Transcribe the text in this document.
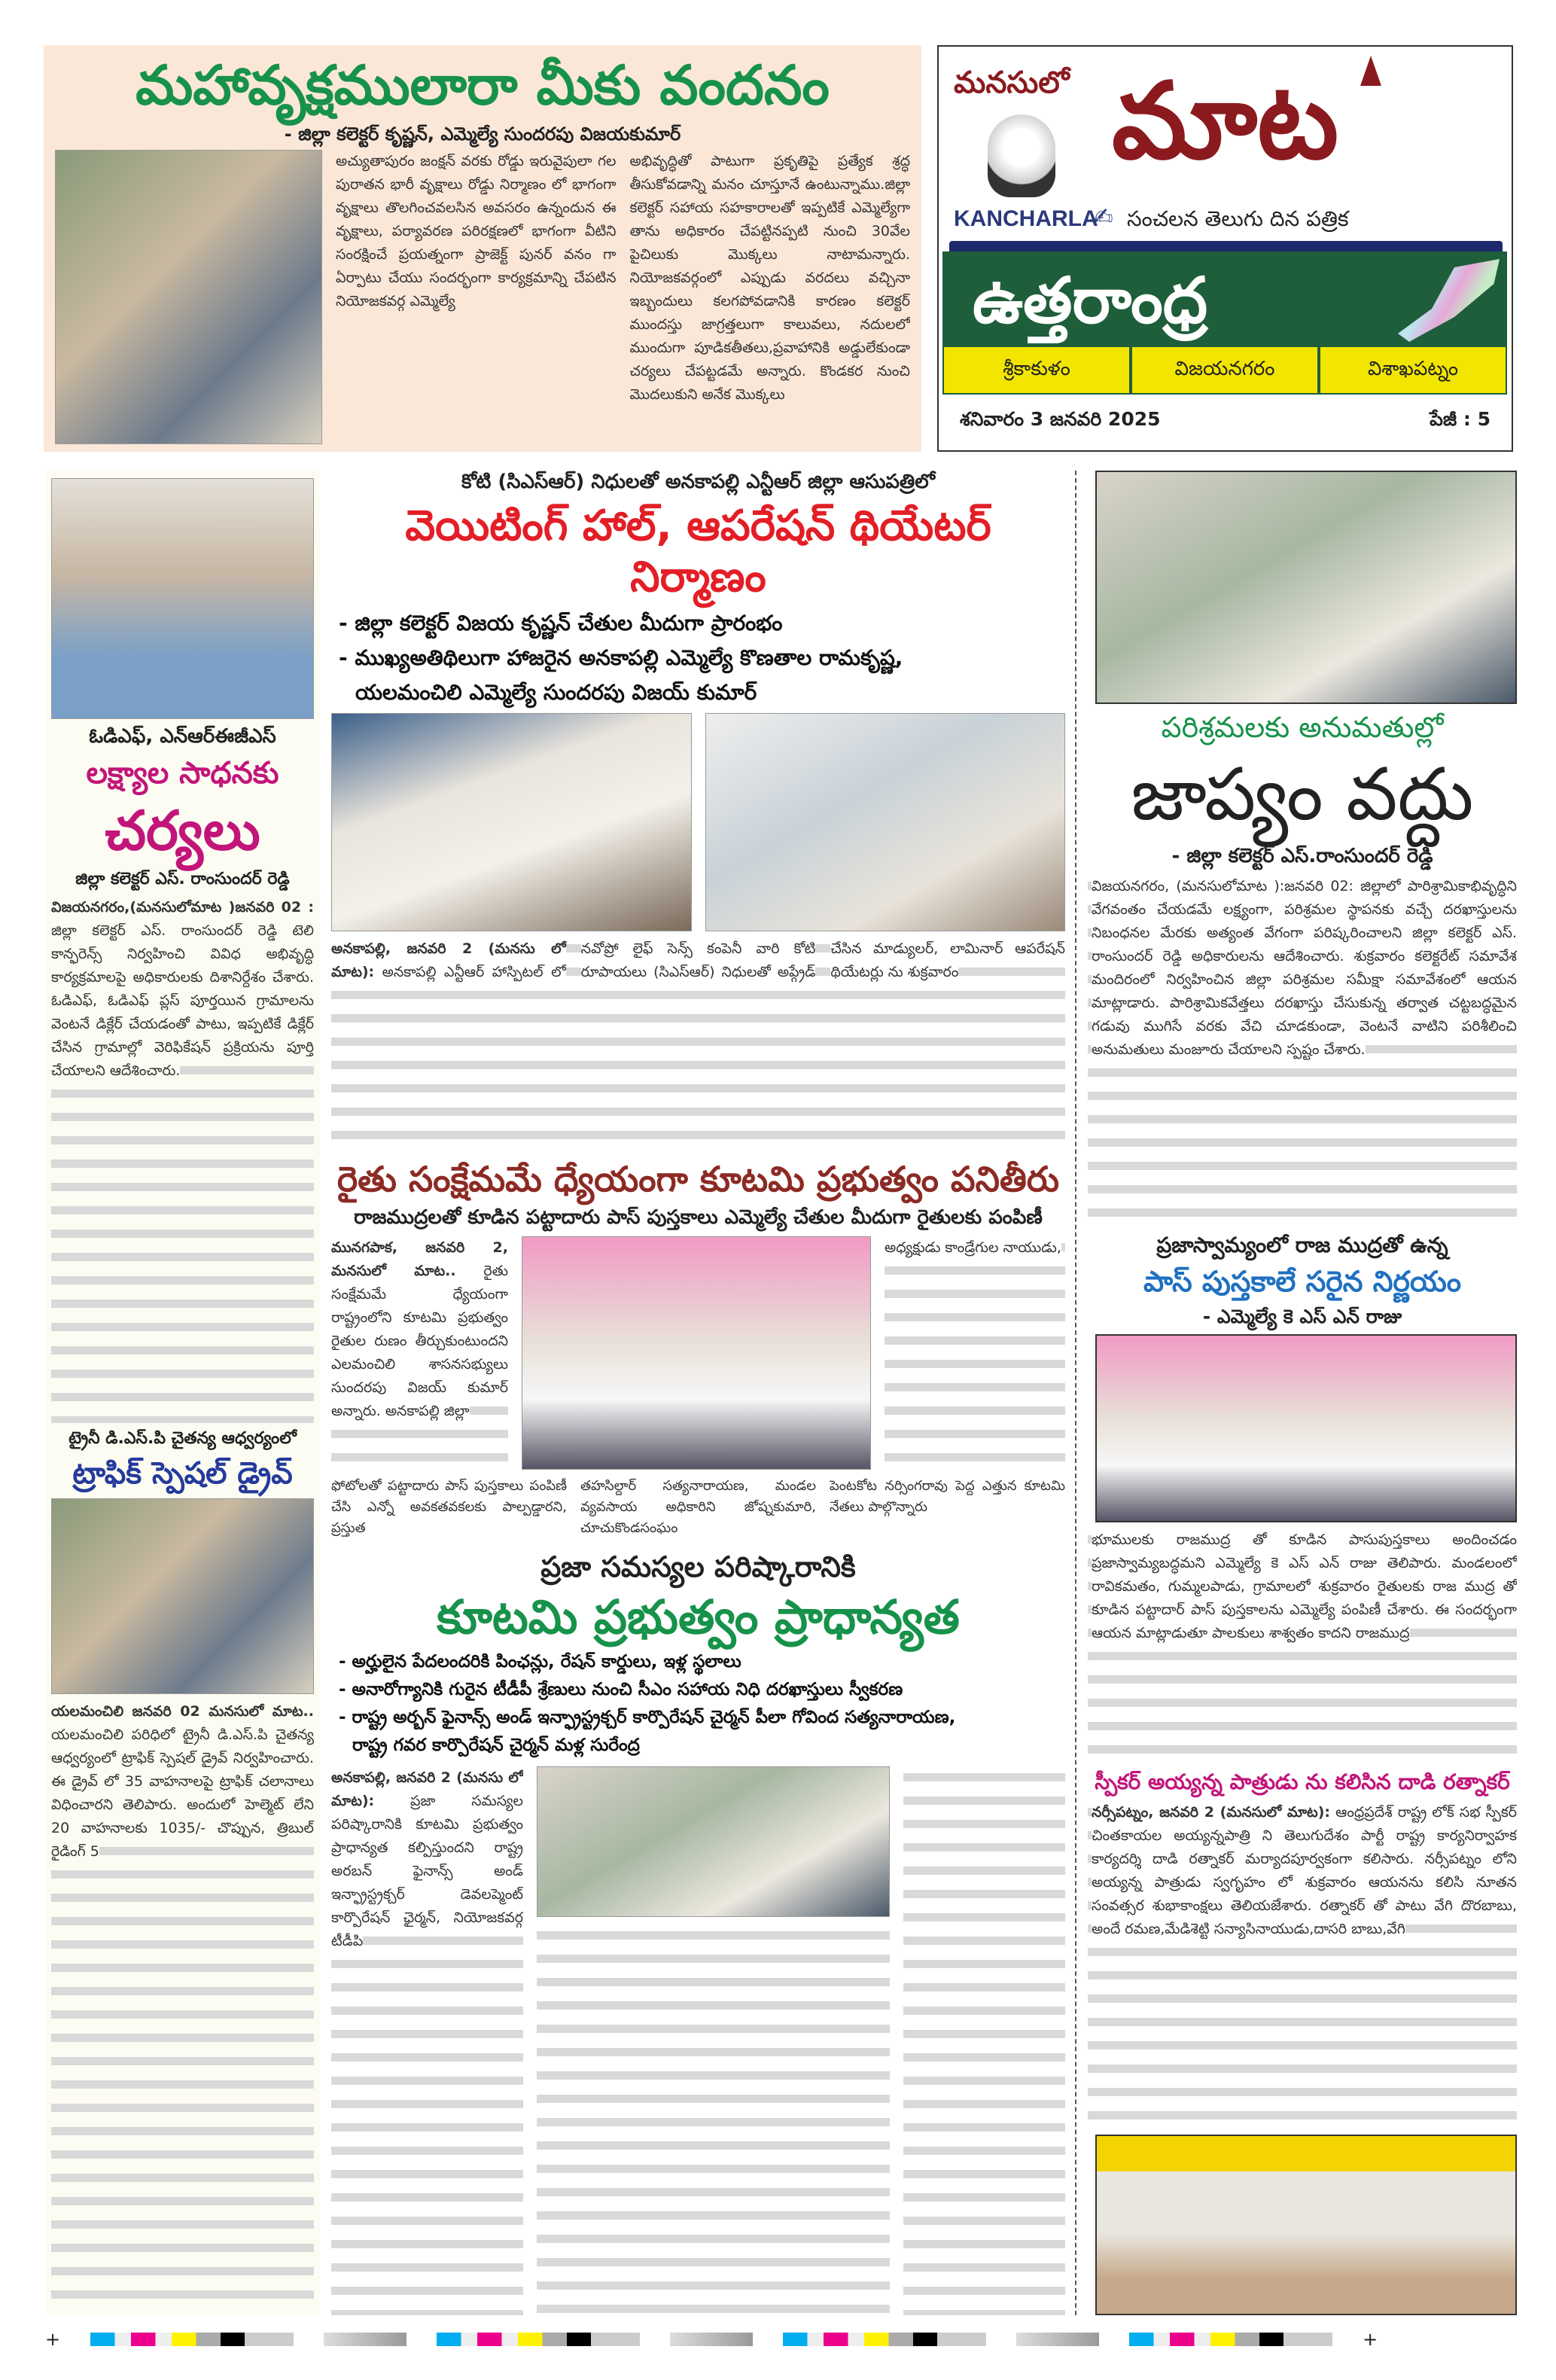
మహావృక్షములారా మీకు వందనం
- జిల్లా కలెక్టర్ కృష్ణన్, ఎమ్మెల్యే సుందరపు విజయకుమార్
అచ్యుతాపురం జంక్షన్ వరకు రోడ్డు ఇరువైపులా గల పురాతన భారీ వృక్షాలు రోడ్డు నిర్మాణం లో భాగంగా వృక్షాలు తొలగించవలసిన అవసరం ఉన్నందున ఈ వృక్షాలు, పర్యావరణ పరిరక్షణలో భాగంగా వీటిని సంరక్షించే ప్రయత్నంగా ప్రాజెక్ట్ పునర్ వనం గా ఏర్పాటు చేయు సందర్భంగా కార్యక్రమాన్ని చేపటిన నియోజకవర్గ ఎమ్మెల్యే
అభివృద్ధితో పాటుగా ప్రకృతిపై ప్రత్యేక శ్రద్ధ తీసుకోవడాన్ని మనం చూస్తూనే ఉంటున్నాము.జిల్లా కలెక్టర్ సహాయ సహకారాలతో ఇప్పటికే ఎమ్మెల్యేగా తాను అధికారం చేపట్టినప్పటి నుంచి 30వేల పైచిలుకు మొక్కలు నాటామన్నారు. నియోజకవర్గంలో ఎప్పుడు వరదలు వచ్చినా ఇబ్బందులు కలగపోవడానికి కారణం కలెక్టర్ ముందస్తు జాగ్రత్తలుగా కాలువలు, నదులలో ముందుగా పూడికతీతలు,ప్రవాహానికి అడ్డులేకుండా చర్యలు చేపట్టడమే అన్నారు. కొండకర నుంచి మొదలుకుని అనేక మొక్కలు
మనసులో మాట
KANCHARLA
✍ సంచలన తెలుగు దిన పత్రిక
ఉత్తరాంధ్ర
శ్రీకాకుళం	విజయనగరం	విశాఖపట్నం
శనివారం 3 జనవరి 2025	పేజీ : 5
ఓడిఎఫ్, ఎన్ఆర్ఈజీఎస్
లక్ష్యాల సాధనకు
చర్యలు
జిల్లా కలెక్టర్ ఎస్. రాంసుందర్ రెడ్డి
విజయనగరం,(మనసులోమాట )జనవరి 02 : జిల్లా కలెక్టర్ ఎస్. రాంసుందర్ రెడ్డి టెలి కాన్ఫరెన్స్ నిర్వహించి వివిధ అభివృద్ధి కార్యక్రమాలపై అధికారులకు దిశానిర్దేశం చేశారు. ఓడిఎఫ్, ఓడిఎఫ్ ప్లస్ పూర్తయిన గ్రామాలను వెంటనే డిక్లేర్ చేయడంతో పాటు, ఇప్పటికే డిక్లేర్ చేసిన గ్రామాల్లో వెరిఫికేషన్ ప్రక్రియను పూర్తి చేయాలని ఆదేశించారు.
ట్రైనీ డి.ఎస్.పి చైతన్య ఆధ్వర్యంలో
ట్రాఫిక్ స్పెషల్ డ్రైవ్
యలమంచిలి జనవరి 02 మనసులో మాట.. యలమంచిలి పరిధిలో ట్రైనీ డి.ఎస్.పి చైతన్య ఆధ్వర్యంలో ట్రాఫిక్ స్పెషల్ డ్రైవ్ నిర్వహించారు. ఈ డ్రైవ్ లో 35 వాహనాలపై ట్రాఫిక్ చలానాలు విధించారని తెలిపారు. అందులో హెల్మెట్ లేని 20 వాహనాలకు 1035/- చొప్పున, త్రిబుల్ రైడింగ్ 5
కోటి (సిఎస్ఆర్) నిధులతో అనకాపల్లి ఎన్టీఆర్ జిల్లా ఆసుపత్రిలో
వెయిటింగ్ హాల్, ఆపరేషన్ థియేటర్ నిర్మాణం
- జిల్లా కలెక్టర్ విజయ కృష్ణన్ చేతుల మీదుగా ప్రారంభం
- ముఖ్యఅతిథిలుగా హాజరైన అనకాపల్లి ఎమ్మెల్యే కొణతాల రామకృష్ణ,
యలమంచిలి ఎమ్మెల్యే సుందరపు విజయ్ కుమార్
అనకాపల్లి, జనవరి 2 (మనసు లో మాట): అనకాపల్లి ఎన్టీఆర్ హాస్పిటల్ లో నవోప్రో లైఫ్ సెన్స్ కంపెనీ వారి కోటి రూపాయలు (సిఎస్ఆర్) నిధులతో అప్గ్రేడ్ చేసిన మాడ్యులర్, లామినార్ ఆపరేషన్ థియేటర్లు ను శుక్రవారం
రైతు సంక్షేమమే ధ్యేయంగా కూటమి ప్రభుత్వం పనితీరు
రాజముద్రలతో కూడిన పట్టాదారు పాస్ పుస్తకాలు ఎమ్మెల్యే చేతుల మీదుగా రైతులకు పంపిణీ
మునగపాక, జనవరి 2, మనసులో మాట.. రైతు సంక్షేమమే ధ్యేయంగా రాష్ట్రంలోని కూటమి ప్రభుత్వం రైతుల రుణం తీర్చుకుంటుందని ఎలమంచిలి శాసనసభ్యులు సుందరపు విజయ్ కుమార్ అన్నారు. అనకాపల్లి జిల్లా
అధ్యక్షుడు కాండ్రేగుల నాయుడు,
ఫోటోలతో పట్టాదారు పాస్ పుస్తకాలు పంపిణీ చేసి ఎన్నో అవకతవకలకు పాల్పడ్డారని, ప్రస్తుత
తహసిల్దార్ సత్యనారాయణ, మండల వ్యవసాయ అధికారిని జోష్నకుమారి, చూచుకొండసంఘం
పెంటకోట నర్సింగరావు పెద్ద ఎత్తున కూటమి నేతలు పాల్గొన్నారు
ప్రజా సమస్యల పరిష్కారానికి
కూటమి ప్రభుత్వం ప్రాధాన్యత
- అర్హులైన పేదలందరికి పింఛన్లు, రేషన్ కార్డులు, ఇళ్ల స్థలాలు
- అనారోగ్యానికి గురైన టీడీపీ శ్రేణులు నుంచి సీఎం సహాయ నిధి దరఖాస్తులు స్వీకరణ
- రాష్ట్ర అర్బన్ ఫైనాన్స్ అండ్ ఇన్ఫ్రాస్ట్రక్చర్ కార్పొరేషన్ చైర్మన్ పీలా గోవింద సత్యనారాయణ,
రాష్ట్ర గవర కార్పొరేషన్ చైర్మన్ మళ్ల సురేంద్ర
అనకాపల్లి, జనవరి 2 (మనసు లో మాట):	ప్రజా సమస్యల పరిష్కారానికి కూటమి ప్రభుత్వం ప్రాధాన్యత కల్పిస్తుందని రాష్ట్ర అరబన్ ఫైనాన్స్ అండ్ ఇన్ఫ్రాస్ట్రక్చర్ డెవలప్మెంట్ కార్పొరేషన్ ఛైర్మన్, నియోజకవర్గ టీడీపి
పరిశ్రమలకు అనుమతుల్లో
జాప్యం వద్దు
- జిల్లా కలెక్టర్ ఎస్.రాంసుందర్ రెడ్డి
విజయనగరం, (మనసులోమాట ):జనవరి 02: జిల్లాలో పారిశ్రామికాభివృద్ధిని వేగవంతం చేయడమే లక్ష్యంగా, పరిశ్రమల స్థాపనకు వచ్చే దరఖాస్తులను నిబంధనల మేరకు అత్యంత వేగంగా పరిష్కరించాలని జిల్లా కలెక్టర్ ఎస్. రాంసుందర్ రెడ్డి అధికారులను ఆదేశించారు. శుక్రవారం కలెక్టరేట్ సమావేశ మందిరంలో నిర్వహించిన జిల్లా పరిశ్రమల సమీక్షా సమావేశంలో ఆయన మాట్లాడారు. పారిశ్రామికవేత్తలు దరఖాస్తు చేసుకున్న తర్వాత చట్టబద్ధమైన గడువు ముగిసే వరకు వేచి చూడకుండా, వెంటనే వాటిని పరిశీలించి అనుమతులు మంజూరు చేయాలని స్పష్టం చేశారు.
ప్రజాస్వామ్యంలో రాజ ముద్రతో ఉన్న
పాస్ పుస్తకాలే సరైన నిర్ణయం
- ఎమ్మెల్యే కె ఎస్ ఎన్ రాజు
భూములకు రాజముద్ర తో కూడిన పాసుపుస్తకాలు అందించడం ప్రజాస్వామ్యబద్ధమని ఎమ్మెల్యే కె ఎస్ ఎన్ రాజు తెలిపారు. మండలంలో రావికమతం, గుమ్మలపాడు, గ్రామాలలో శుక్రవారం రైతులకు రాజ ముద్ర తో కూడిన పట్టాదార్ పాస్ పుస్తకాలను ఎమ్మెల్యే పంపిణీ చేశారు. ఈ సందర్భంగా ఆయన మాట్లాడుతూ పాలకులు శాశ్వతం కాదని రాజముద్ర
స్పీకర్ అయ్యన్న పాత్రుడు ను కలిసిన దాడి రత్నాకర్
నర్సీపట్నం, జనవరి 2 (మనసులో మాట): ఆంధ్రప్రదేశ్ రాష్ట్ర లోక్ సభ స్పీకర్ చింతకాయల అయ్యన్నపాత్రి ని తెలుగుదేశం పార్టీ రాష్ట్ర కార్యనిర్వాహక కార్యదర్శి దాడి రత్నాకర్ మర్యాదపూర్వకంగా కలిసారు. నర్సీపట్నం లోని అయ్యన్న పాత్రుడు స్వగృహం లో శుక్రవారం ఆయనను కలిసి నూతన సంవత్సర శుభాకాంక్షలు తెలియజేశారు. రత్నాకర్ తో పాటు వేగి దొరబాబు, అందే రమణ,మేడిశెట్టి సన్యాసినాయుడు,దాసరి బాబు,వేగి
+	+
